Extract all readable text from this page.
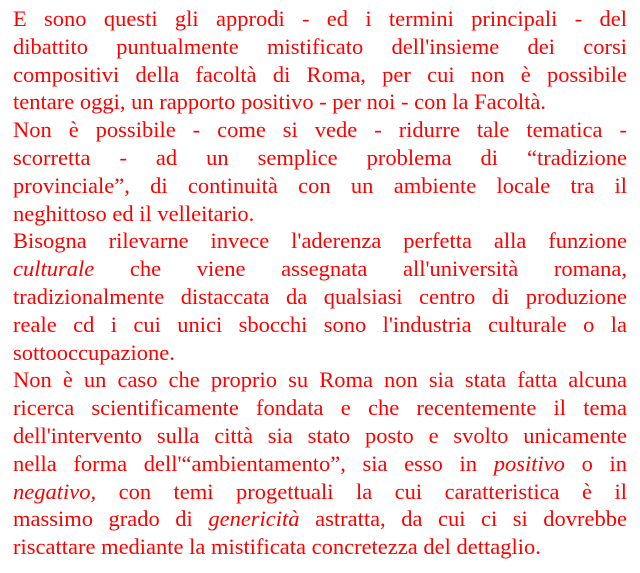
E sono questi gli approdi - ed i termini principali - del
dibattito puntualmente mistificato dell'insieme dei corsi
compositivi della facoltà di Roma, per cui non è possibile
tentare oggi, un rapporto positivo - per noi - con la Facoltà.
Non è possibile - come si vede - ridurre tale tematica -
scorretta - ad un semplice problema di “tradizione
provinciale”, di continuità con un ambiente locale tra il
neghittoso ed il velleitario.
Bisogna rilevarne invece l'aderenza perfetta alla funzione
culturale che viene assegnata all'università romana,
tradizionalmente distaccata da qualsiasi centro di produzione
reale cd i cui unici sbocchi sono l'industria culturale o la
sottooccupazione.
Non è un caso che proprio su Roma non sia stata fatta alcuna
ricerca scientificamente fondata e che recentemente il tema
dell'intervento sulla città sia stato posto e svolto unicamente
nella forma dell'“ambientamento”, sia esso in positivo o in
negativo, con temi progettuali la cui caratteristica è il
massimo grado di genericità astratta, da cui ci si dovrebbe
riscattare mediante la mistificata concretezza del dettaglio.
